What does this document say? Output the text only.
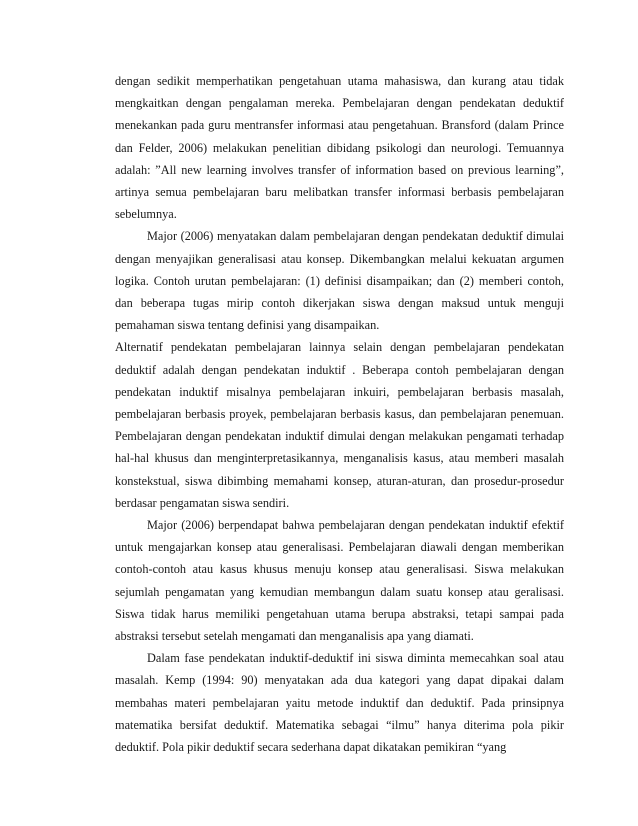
dengan sedikit memperhatikan pengetahuan utama mahasiswa, dan kurang atau tidak mengkaitkan dengan pengalaman mereka. Pembelajaran dengan pendekatan deduktif menekankan pada guru mentransfer informasi atau pengetahuan. Bransford (dalam Prince dan Felder, 2006) melakukan penelitian dibidang psikologi dan neurologi. Temuannya adalah: ”All new learning involves transfer of information based on previous learning”, artinya semua pembelajaran baru melibatkan transfer informasi berbasis pembelajaran sebelumnya.

Major (2006) menyatakan dalam pembelajaran dengan pendekatan deduktif dimulai dengan menyajikan generalisasi atau konsep. Dikembangkan melalui kekuatan argumen logika. Contoh urutan pembelajaran: (1) definisi disampaikan; dan (2) memberi contoh, dan beberapa tugas mirip contoh dikerjakan siswa dengan maksud untuk menguji pemahaman siswa tentang definisi yang disampaikan.

Alternatif pendekatan pembelajaran lainnya selain dengan pembelajaran pendekatan deduktif adalah dengan pendekatan induktif . Beberapa contoh pembelajaran dengan pendekatan induktif misalnya pembelajaran inkuiri, pembelajaran berbasis masalah, pembelajaran berbasis proyek, pembelajaran berbasis kasus, dan pembelajaran penemuan. Pembelajaran dengan pendekatan induktif dimulai dengan melakukan pengamati terhadap hal-hal khusus dan menginterpretasikannya, menganalisis kasus, atau memberi masalah konstekstual, siswa dibimbing memahami konsep, aturan-aturan, dan prosedur-prosedur berdasar pengamatan siswa sendiri.

Major (2006) berpendapat bahwa pembelajaran dengan pendekatan induktif efektif untuk mengajarkan konsep atau generalisasi. Pembelajaran diawali dengan memberikan contoh-contoh atau kasus khusus menuju konsep atau generalisasi. Siswa melakukan sejumlah pengamatan yang kemudian membangun dalam suatu konsep atau geralisasi. Siswa tidak harus memiliki pengetahuan utama berupa abstraksi, tetapi sampai pada abstraksi tersebut setelah mengamati dan menganalisis apa yang diamati.

Dalam fase pendekatan induktif-deduktif ini siswa diminta memecahkan soal atau masalah. Kemp (1994: 90) menyatakan ada dua kategori yang dapat dipakai dalam membahas materi pembelajaran yaitu metode induktif dan deduktif. Pada prinsipnya matematika bersifat deduktif. Matematika sebagai “ilmu” hanya diterima pola pikir deduktif. Pola pikir deduktif secara sederhana dapat dikatakan pemikiran “yang
